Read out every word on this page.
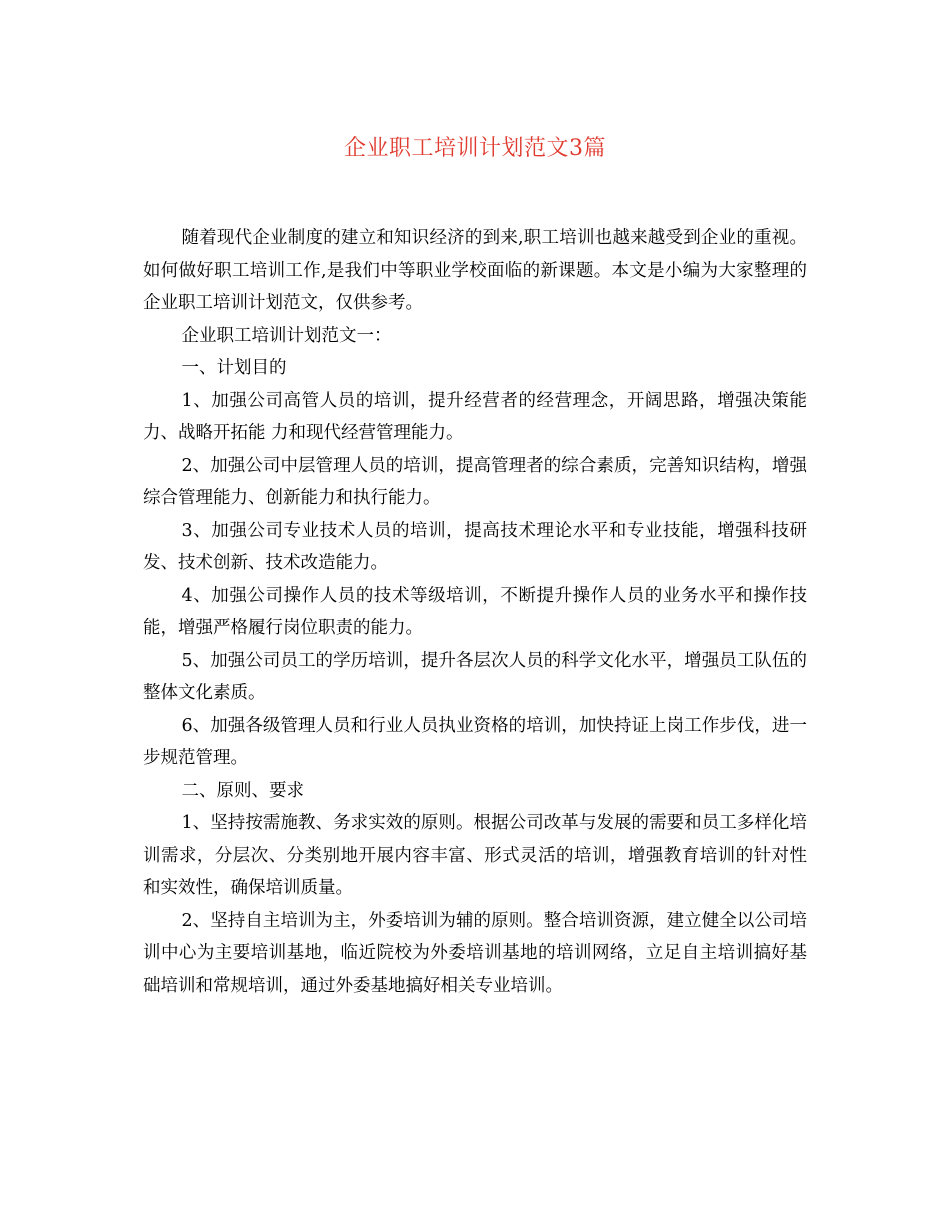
企业职工培训计划范文3篇

随着现代企业制度的建立和知识经济的到来,职工培训也越来越受到企业的重视。如何做好职工培训工作,是我们中等职业学校面临的新课题。本文是小编为大家整理的企业职工培训计划范文，仅供参考。

企业职工培训计划范文一：

一、计划目的

1、加强公司高管人员的培训，提升经营者的经营理念，开阔思路，增强决策能力、战略开拓能 力和现代经营管理能力。

2、加强公司中层管理人员的培训，提高管理者的综合素质，完善知识结构，增强综合管理能力、创新能力和执行能力。

3、加强公司专业技术人员的培训，提高技术理论水平和专业技能，增强科技研发、技术创新、技术改造能力。

4、加强公司操作人员的技术等级培训，不断提升操作人员的业务水平和操作技能，增强严格履行岗位职责的能力。

5、加强公司员工的学历培训，提升各层次人员的科学文化水平，增强员工队伍的整体文化素质。

6、加强各级管理人员和行业人员执业资格的培训，加快持证上岗工作步伐，进一步规范管理。

二、原则、要求

1、坚持按需施教、务求实效的原则。根据公司改革与发展的需要和员工多样化培训需求，分层次、分类别地开展内容丰富、形式灵活的培训，增强教育培训的针对性和实效性，确保培训质量。

2、坚持自主培训为主，外委培训为辅的原则。整合培训资源，建立健全以公司培训中心为主要培训基地，临近院校为外委培训基地的培训网络，立足自主培训搞好基础培训和常规培训，通过外委基地搞好相关专业培训。
